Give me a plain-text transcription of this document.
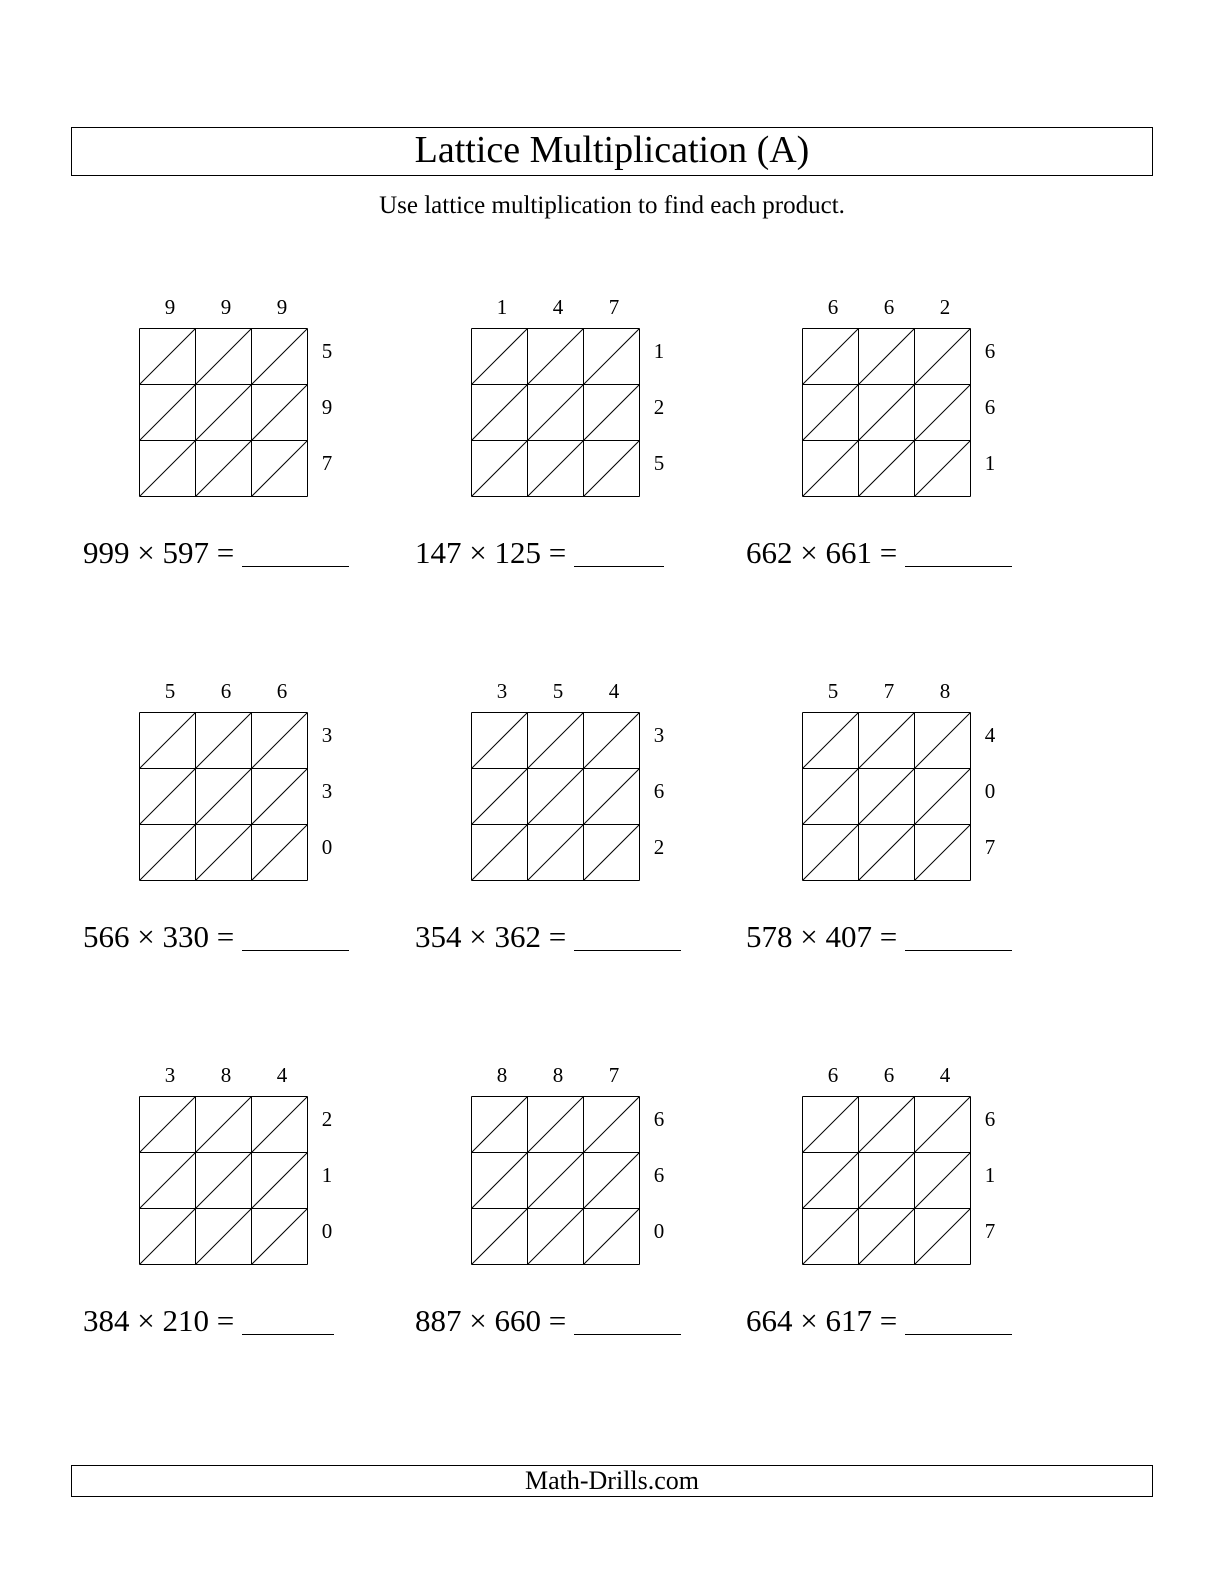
Lattice Multiplication (A)
Use lattice multiplication to find each product.
9 9 9
5
9
7
999 × 597 =
1 4 7
1
2
5
147 × 125 =
6 6 2
6
6
1
662 × 661 =
5 6 6
3
3
0
566 × 330 =
3 5 4
3
6
2
354 × 362 =
5 7 8
4
0
7
578 × 407 =
3 8 4
2
1
0
384 × 210 =
8 8 7
6
6
0
887 × 660 =
6 6 4
6
1
7
664 × 617 =
Math-Drills.com
